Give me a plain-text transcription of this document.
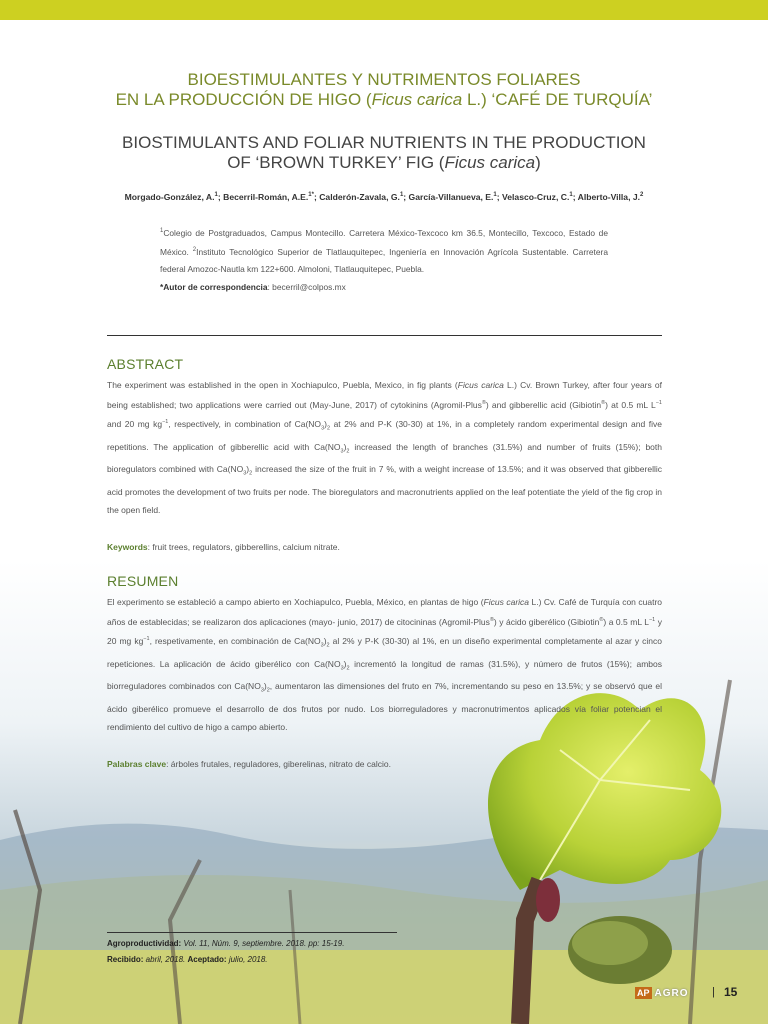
BIOESTIMULANTES Y NUTRIMENTOS FOLIARES
EN LA PRODUCCIÓN DE HIGO (Ficus carica L.) ‘CAFÉ DE TURQUÍA’
BIOSTIMULANTS AND FOLIAR NUTRIENTS IN THE PRODUCTION
OF ‘BROWN TURKEY’ FIG (Ficus carica)
Morgado-González, A.$^1$; Becerril-Román, A.E.$^{1*}$; Calderón-Zavala, G.$^1$; García-Villanueva, E.$^1$; Velasco-Cruz, C.$^1$; Alberto-Villa, J.$^2$
$^1$Colegio de Postgraduados, Campus Montecillo. Carretera México-Texcoco km 36.5, Montecillo, Texcoco, Estado de México. $^2$Instituto Tecnológico Superior de Tlatlauquitepec, Ingeniería en Innovación Agrícola Sustentable. Carretera federal Amozoc-Nautla km 122+600. Almoloni, Tlatlauquitepec, Puebla.
*Autor de correspondencia: becerril@colpos.mx
ABSTRACT
The experiment was established in the open in Xochiapulco, Puebla, Mexico, in fig plants (Ficus carica L.) Cv. Brown Turkey, after four years of being established; two applications were carried out (May-June, 2017) of cytokinins (Agromil-Plus®) and gibberellic acid (Gibiotin®) at 0.5 mL $L^{-1}$ and 20 mg $kg^{-1}$, respectively, in combination of $Ca(NO_3)_2$ at 2% and P-K (30-30) at 1%, in a completely random experimental design and five repetitions. The application of gibberellic acid with $Ca(NO_3)_2$ increased the length of branches (31.5%) and number of fruits (15%); both bioregulators combined with $Ca(NO_3)_2$ increased the size of the fruit in 7 %, with a weight increase of 13.5%; and it was observed that gibberellic acid promotes the development of two fruits per node. The bioregulators and macronutrients applied on the leaf potentiate the yield of the fig crop in the open field.
Keywords: fruit trees, regulators, gibberellins, calcium nitrate.
RESUMEN
El experimento se estableció a campo abierto en Xochiapulco, Puebla, México, en plantas de higo (Ficus carica L.) Cv. Café de Turquía con cuatro años de establecidas; se realizaron dos aplicaciones (mayo- junio, 2017) de citocininas (Agromil-Plus®) y ácido giberélico (Gibiotin®) a 0.5 mL $L^{-1}$ y 20 mg $kg^{-1}$, respetivamente, en combinación de $Ca(NO_3)_2$ al 2% y P-K (30-30) al 1%, en un diseño experimental completamente al azar y cinco repeticiones. La aplicación de ácido giberélico con $Ca(NO_3)_2$ incrementó la longitud de ramas (31.5%), y número de frutos (15%); ambos biorreguladores combinados con $Ca(NO_3)_2$, aumentaron las dimensiones del fruto en 7%, incrementando su peso en 13.5%; y se observó que el ácido giberélico promueve el desarrollo de dos frutos por nudo. Los biorreguladores y macronutrimentos aplicados vía foliar potencian el rendimiento del cultivo de higo a campo abierto.
Palabras clave: árboles frutales, reguladores, giberelinas, nitrato de calcio.
Agroproductividad: Vol. 11, Núm. 9, septiembre. 2018. pp: 15-19.
Recibido: abril, 2018. Aceptado: julio, 2018.
AP AGRO | 15
